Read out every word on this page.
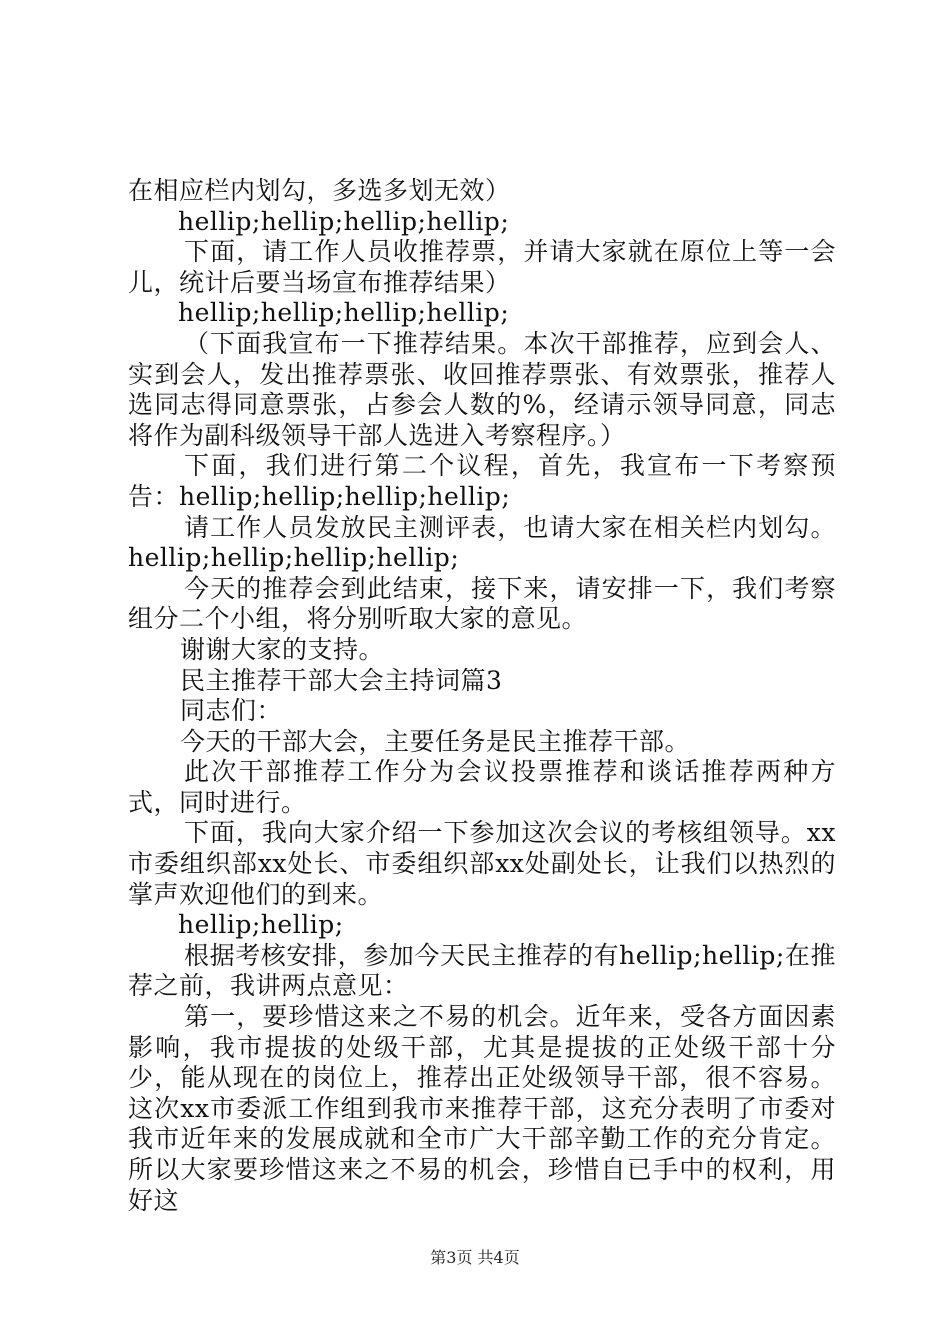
在相应栏内划勾，多选多划无效）

hellip;hellip;hellip;hellip;

下面，请工作人员收推荐票，并请大家就在原位上等一会儿，统计后要当场宣布推荐结果）

hellip;hellip;hellip;hellip;

（下面我宣布一下推荐结果。本次干部推荐，应到会人、实到会人，发出推荐票张、收回推荐票张、有效票张，推荐人选同志得同意票张，占参会人数的%，经请示领导同意，同志将作为副科级领导干部人选进入考察程序。）

下面，我们进行第二个议程，首先，我宣布一下考察预告：hellip;hellip;hellip;hellip;

请工作人员发放民主测评表，也请大家在相关栏内划勾。hellip;hellip;hellip;hellip;

今天的推荐会到此结束，接下来，请安排一下，我们考察组分二个小组，将分别听取大家的意见。

谢谢大家的支持。

民主推荐干部大会主持词篇3

同志们：

今天的干部大会，主要任务是民主推荐干部。

此次干部推荐工作分为会议投票推荐和谈话推荐两种方式，同时进行。

下面，我向大家介绍一下参加这次会议的考核组领导。xx市委组织部xx处长、市委组织部xx处副处长，让我们以热烈的掌声欢迎他们的到来。

hellip;hellip;

根据考核安排，参加今天民主推荐的有hellip;hellip;在推荐之前，我讲两点意见：

第一，要珍惜这来之不易的机会。近年来，受各方面因素影响，我市提拔的处级干部，尤其是提拔的正处级干部十分少，能从现在的岗位上，推荐出正处级领导干部，很不容易。这次xx市委派工作组到我市来推荐干部，这充分表明了市委对我市近年来的发展成就和全市广大干部辛勤工作的充分肯定。所以大家要珍惜这来之不易的机会，珍惜自已手中的权利，用好这

第3页 共4页
